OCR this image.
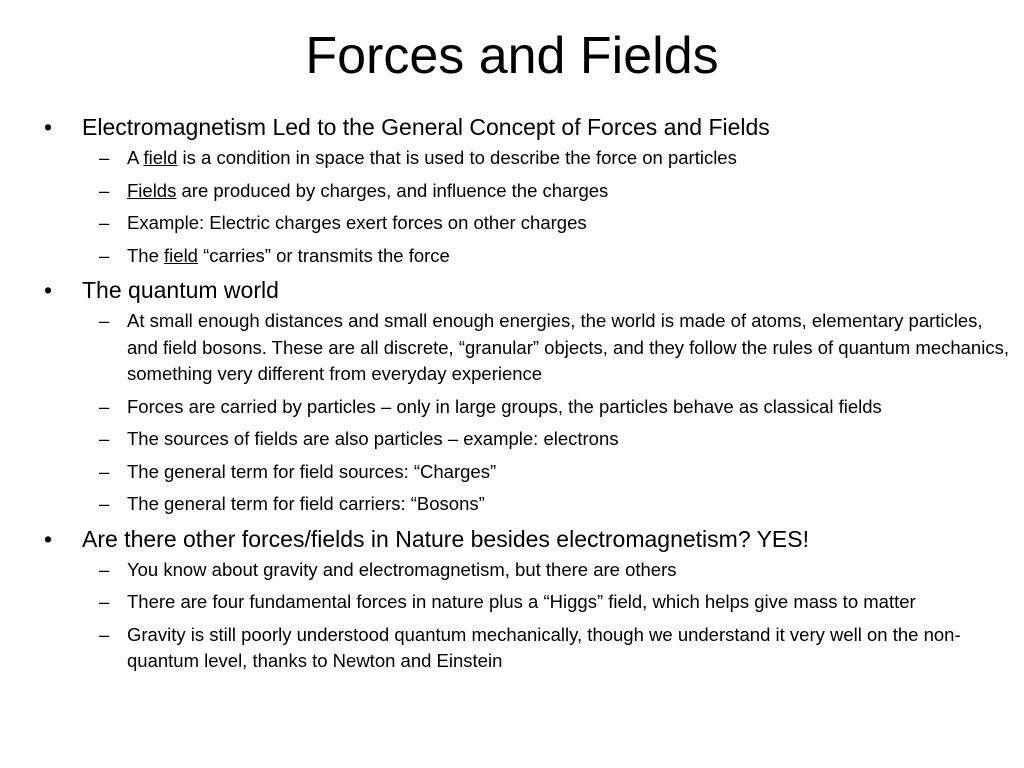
Forces and Fields
• Electromagnetism Led to the General Concept of Forces and Fields
– A field is a condition in space that is used to describe the force on particles
– Fields are produced by charges, and influence the charges
– Example: Electric charges exert forces on other charges
– The field “carries” or transmits the force
• The quantum world
– At small enough distances and small enough energies, the world is made of atoms, elementary particles, and field bosons. These are all discrete, “granular” objects, and they follow the rules of quantum mechanics, something very different from everyday experience
– Forces are carried by particles – only in large groups, the particles behave as classical fields
– The sources of fields are also particles – example: electrons
– The general term for field sources: “Charges”
– The general term for field carriers: “Bosons”
• Are there other forces/fields in Nature besides electromagnetism? YES!
– You know about gravity and electromagnetism, but there are others
– There are four fundamental forces in nature plus a “Higgs” field, which helps give mass to matter
– Gravity is still poorly understood quantum mechanically, though we understand it very well on the non-quantum level, thanks to Newton and Einstein
